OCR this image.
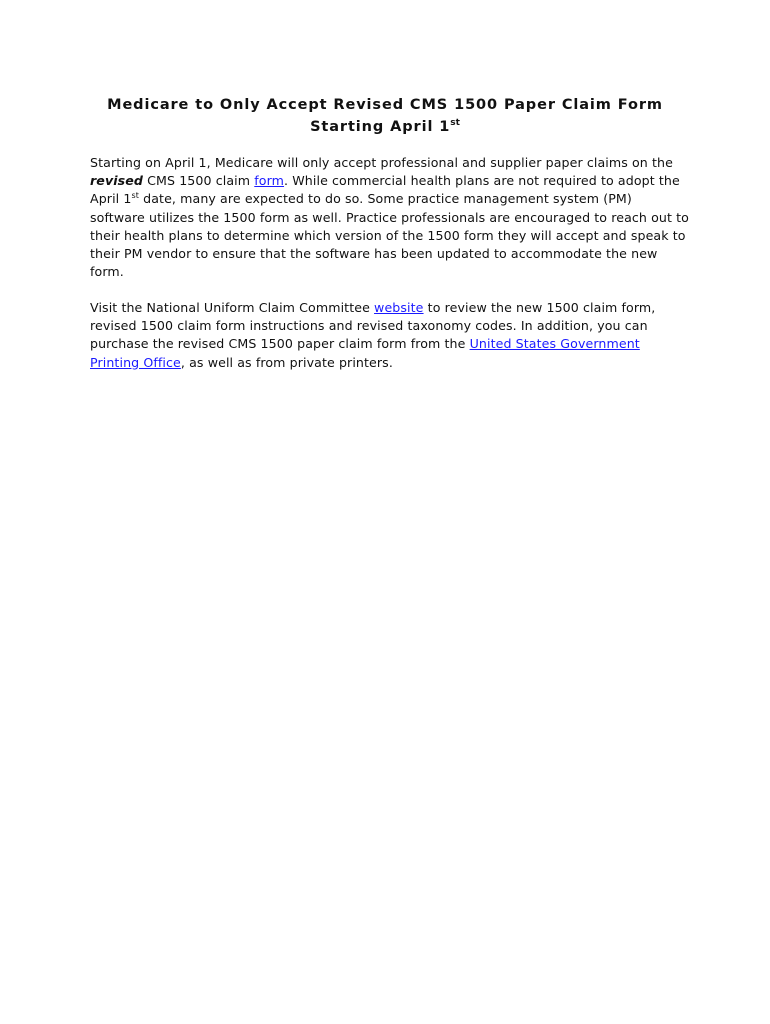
Medicare to Only Accept Revised CMS 1500 Paper Claim Form
Starting April 1st

Starting on April 1, Medicare will only accept professional and supplier paper claims on the revised CMS 1500 claim form. While commercial health plans are not required to adopt the April 1st date, many are expected to do so. Some practice management system (PM) software utilizes the 1500 form as well. Practice professionals are encouraged to reach out to their health plans to determine which version of the 1500 form they will accept and speak to their PM vendor to ensure that the software has been updated to accommodate the new form.

Visit the National Uniform Claim Committee website to review the new 1500 claim form, revised 1500 claim form instructions and revised taxonomy codes. In addition, you can purchase the revised CMS 1500 paper claim form from the United States Government Printing Office, as well as from private printers.
